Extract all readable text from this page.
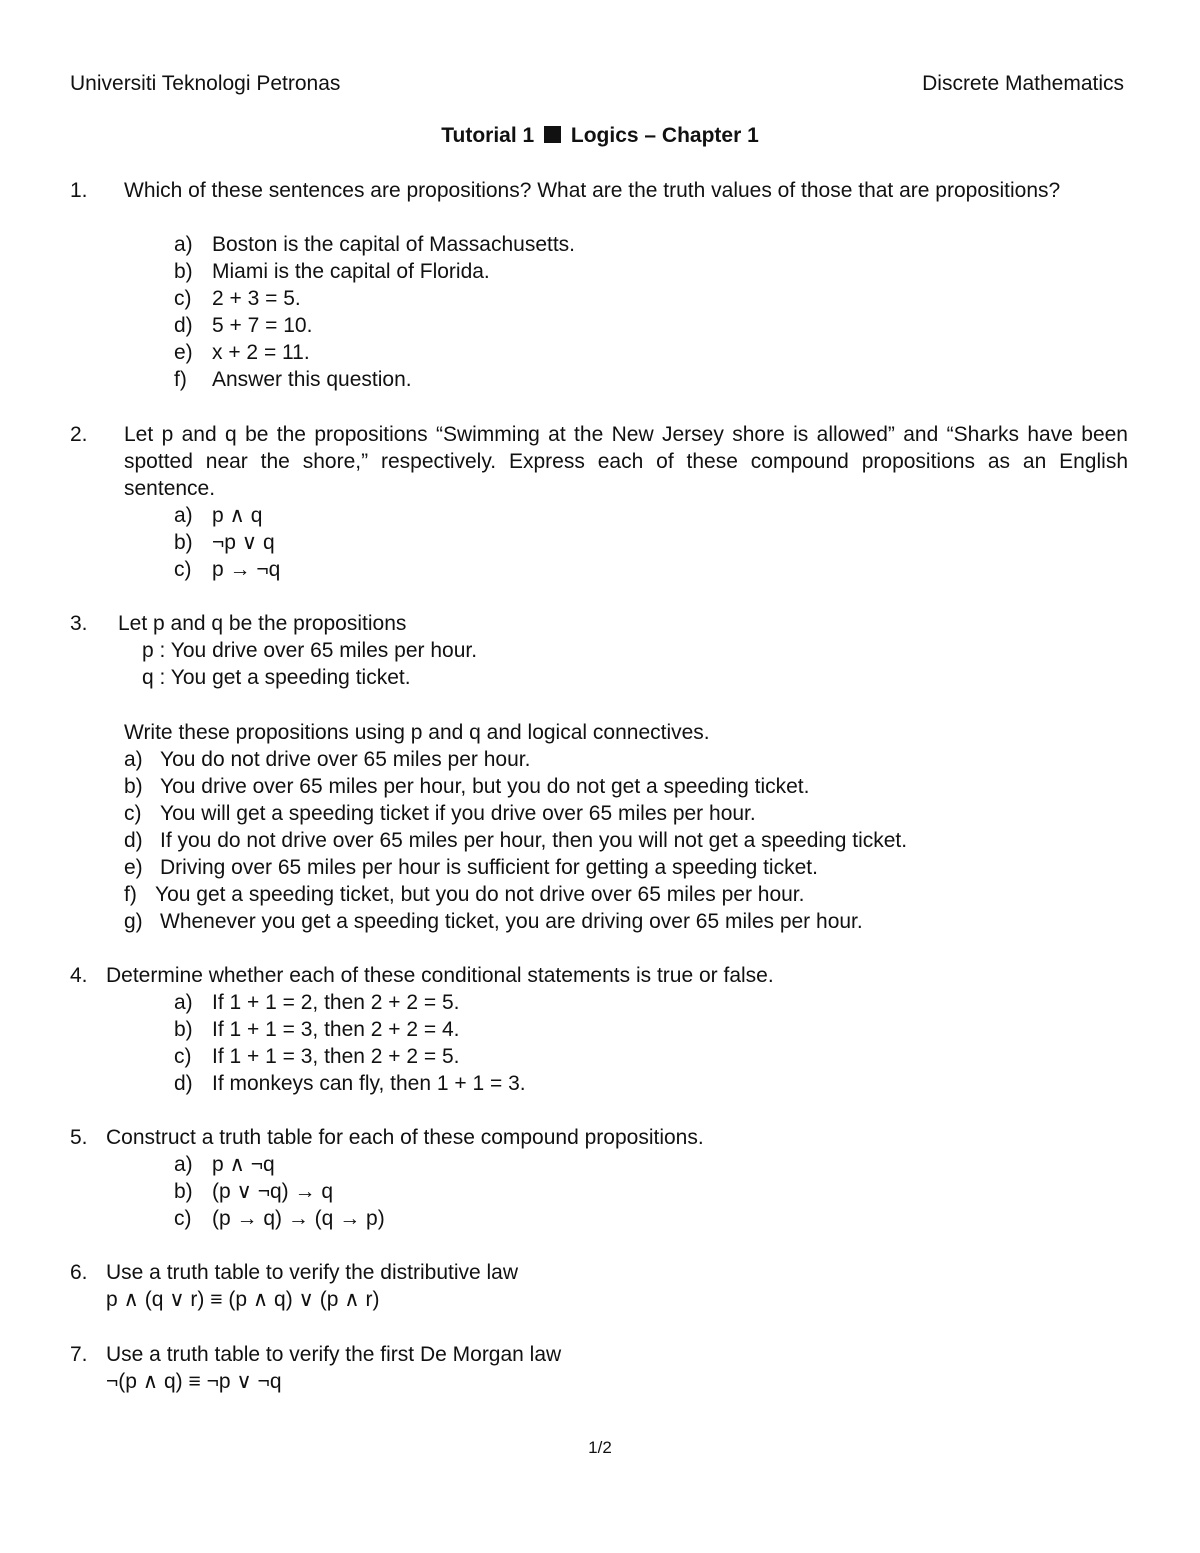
Universiti Teknologi Petronas	Discrete Mathematics
Tutorial 1 Logics – Chapter 1
1. Which of these sentences are propositions? What are the truth values of those that are propositions?
a) Boston is the capital of Massachusetts.
b) Miami is the capital of Florida.
c) 2 + 3 = 5.
d) 5 + 7 = 10.
e) x + 2 = 11.
f) Answer this question.
2. Let p and q be the propositions “Swimming at the New Jersey shore is allowed” and “Sharks have been spotted near the shore,” respectively. Express each of these compound propositions as an English sentence.
a) p ∧ q
b) ¬p ∨ q
c) p → ¬q
3. Let p and q be the propositions
p : You drive over 65 miles per hour.
q : You get a speeding ticket.
Write these propositions using p and q and logical connectives.
a) You do not drive over 65 miles per hour.
b) You drive over 65 miles per hour, but you do not get a speeding ticket.
c) You will get a speeding ticket if you drive over 65 miles per hour.
d) If you do not drive over 65 miles per hour, then you will not get a speeding ticket.
e) Driving over 65 miles per hour is sufficient for getting a speeding ticket.
f) You get a speeding ticket, but you do not drive over 65 miles per hour.
g) Whenever you get a speeding ticket, you are driving over 65 miles per hour.
4. Determine whether each of these conditional statements is true or false.
a) If 1 + 1 = 2, then 2 + 2 = 5.
b) If 1 + 1 = 3, then 2 + 2 = 4.
c) If 1 + 1 = 3, then 2 + 2 = 5.
d) If monkeys can fly, then 1 + 1 = 3.
5. Construct a truth table for each of these compound propositions.
a) p ∧ ¬q
b) (p ∨ ¬q) → q
c) (p → q) → (q → p)
6. Use a truth table to verify the distributive law
p ∧ (q ∨ r) ≡ (p ∧ q) ∨ (p ∧ r)
7. Use a truth table to verify the first De Morgan law
¬(p ∧ q) ≡ ¬p ∨ ¬q
1/2
